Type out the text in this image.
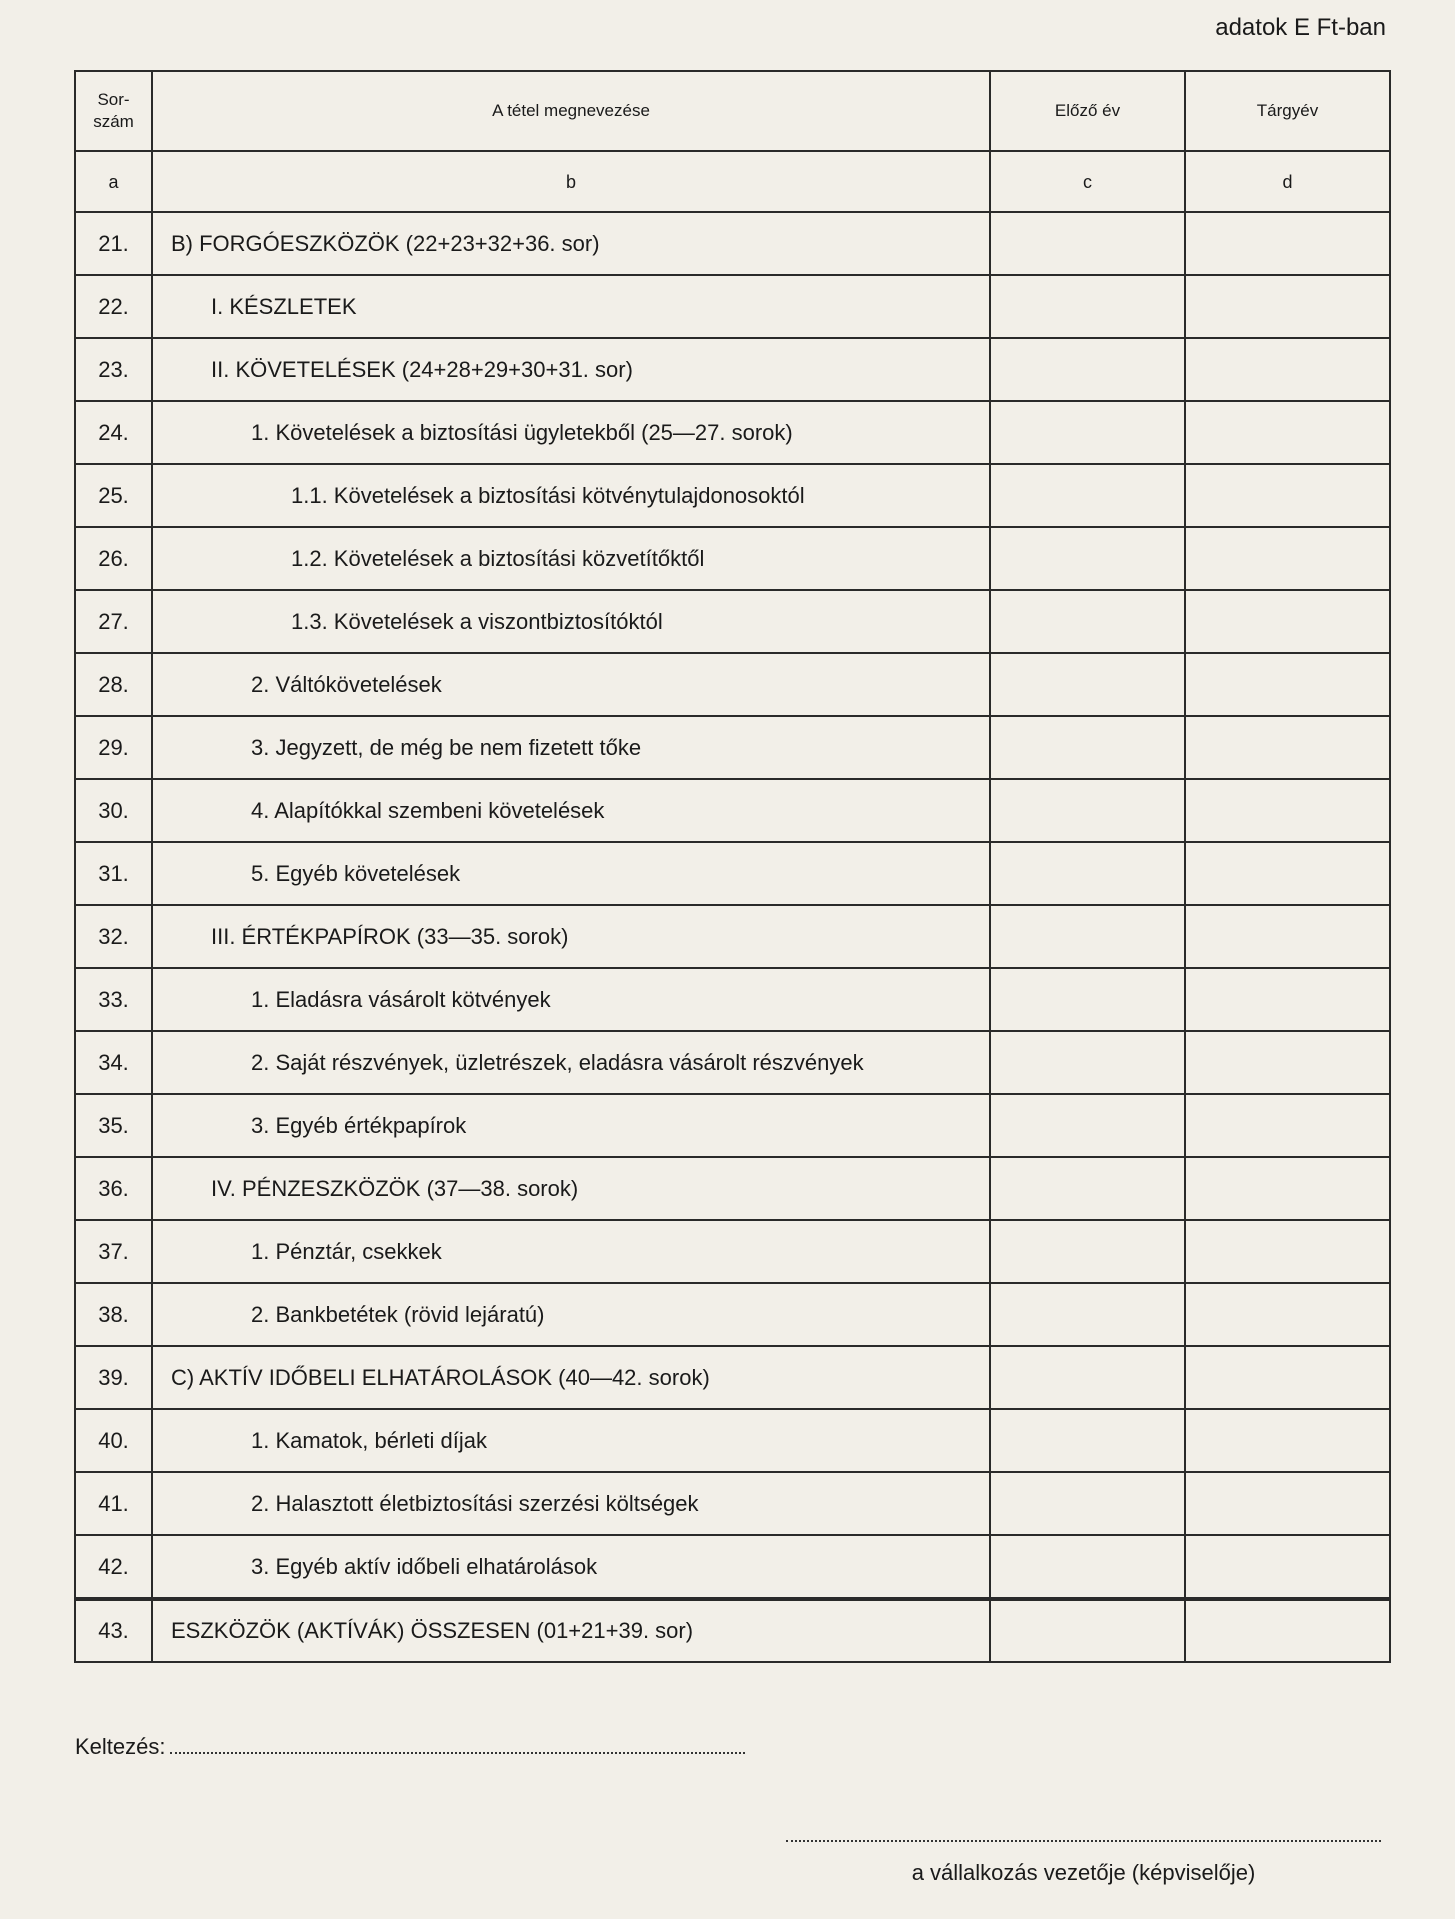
adatok E Ft-ban
Sor-
szám	A tétel megnevezése	Előző év	Tárgyév
a	b	c	d
21.	B) FORGÓESZKÖZÖK (22+23+32+36. sor)		
22.	I. KÉSZLETEK		
23.	II. KÖVETELÉSEK (24+28+29+30+31. sor)		
24.	1. Követelések a biztosítási ügyletekből (25—27. sorok)		
25.	1.1. Követelések a biztosítási kötvénytulajdonosoktól		
26.	1.2. Követelések a biztosítási közvetítőktől		
27.	1.3. Követelések a viszontbiztosítóktól		
28.	2. Váltókövetelések		
29.	3. Jegyzett, de még be nem fizetett tőke		
30.	4. Alapítókkal szembeni követelések		
31.	5. Egyéb követelések		
32.	III. ÉRTÉKPAPÍROK (33—35. sorok)		
33.	1. Eladásra vásárolt kötvények		
34.	2. Saját részvények, üzletrészek, eladásra vásárolt részvények		
35.	3. Egyéb értékpapírok		
36.	IV. PÉNZESZKÖZÖK (37—38. sorok)		
37.	1. Pénztár, csekkek		
38.	2. Bankbetétek (rövid lejáratú)		
39.	C) AKTÍV IDŐBELI ELHATÁROLÁSOK (40—42. sorok)		
40.	1. Kamatok, bérleti díjak		
41.	2. Halasztott életbiztosítási szerzési költségek		
42.	3. Egyéb aktív időbeli elhatárolások		
43.	ESZKÖZÖK (AKTÍVÁK) ÖSSZESEN (01+21+39. sor)		
Keltezés:
a vállalkozás vezetője (képviselője)
